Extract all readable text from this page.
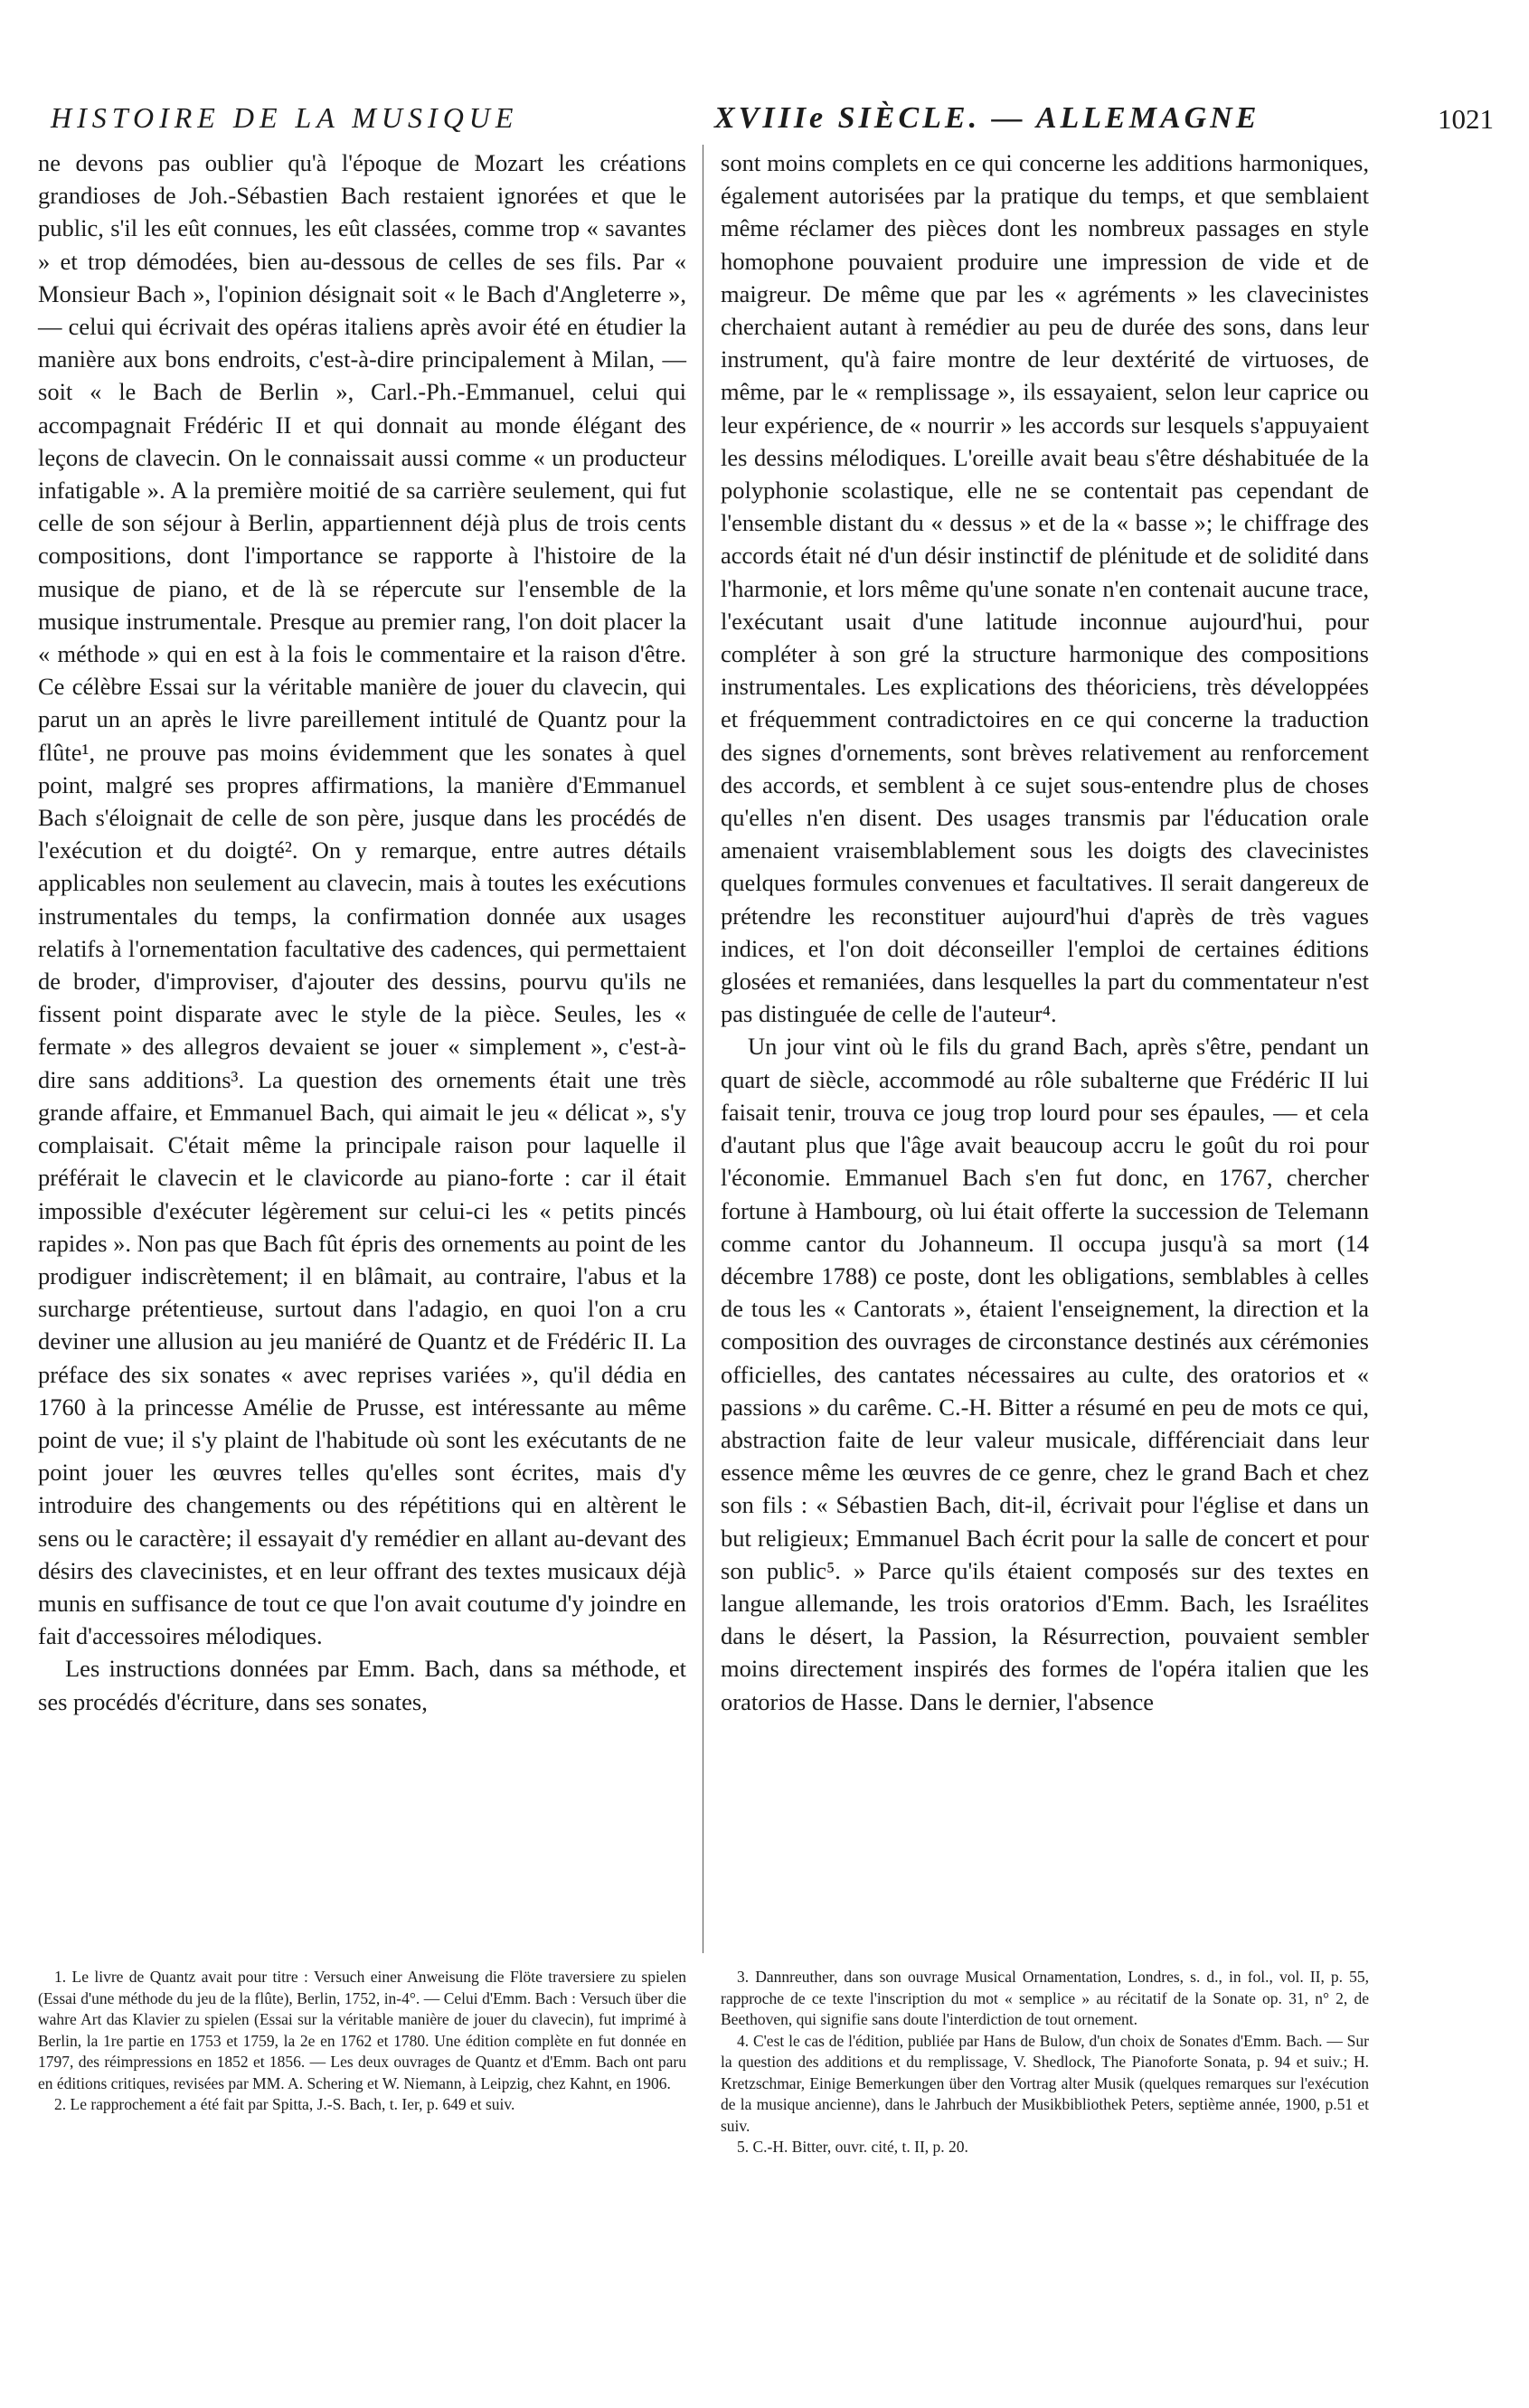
HISTOIRE DE LA MUSIQUE	XVIIIe SIÈCLE. — ALLEMAGNE	1021

ne devons pas oublier qu'à l'époque de Mozart les créations grandioses de Joh.-Sébastien Bach restaient ignorées et que le public, s'il les eût connues, les eût classées, comme trop « savantes » et trop démodées, bien au-dessous de celles de ses fils. Par « Monsieur Bach », l'opinion désignait soit « le Bach d'Angleterre », — celui qui écrivait des opéras italiens après avoir été en étudier la manière aux bons endroits, c'est-à-dire principalement à Milan, — soit « le Bach de Berlin », Carl.-Ph.-Emmanuel, celui qui accompagnait Frédéric II et qui donnait au monde élégant des leçons de clavecin. On le connaissait aussi comme « un producteur infatigable ». A la première moitié de sa carrière seulement, qui fut celle de son séjour à Berlin, appartiennent déjà plus de trois cents compositions, dont l'importance se rapporte à l'histoire de la musique de piano, et de là se répercute sur l'ensemble de la musique instrumentale. Presque au premier rang, l'on doit placer la « méthode » qui en est à la fois le commentaire et la raison d'être. Ce célèbre Essai sur la véritable manière de jouer du clavecin, qui parut un an après le livre pareillement intitulé de Quantz pour la flûte¹, ne prouve pas moins évidemment que les sonates à quel point, malgré ses propres affirmations, la manière d'Emmanuel Bach s'éloignait de celle de son père, jusque dans les procédés de l'exécution et du doigté². On y remarque, entre autres détails applicables non seulement au clavecin, mais à toutes les exécutions instrumentales du temps, la confirmation donnée aux usages relatifs à l'ornementation facultative des cadences, qui permettaient de broder, d'improviser, d'ajouter des dessins, pourvu qu'ils ne fissent point disparate avec le style de la pièce. Seules, les « fermate » des allegros devaient se jouer « simplement », c'est-à-dire sans additions³. La question des ornements était une très grande affaire, et Emmanuel Bach, qui aimait le jeu « délicat », s'y complaisait. C'était même la principale raison pour laquelle il préférait le clavecin et le clavicorde au piano-forte : car il était impossible d'exécuter légèrement sur celui-ci les « petits pincés rapides ». Non pas que Bach fût épris des ornements au point de les prodiguer indiscrètement; il en blâmait, au contraire, l'abus et la surcharge prétentieuse, surtout dans l'adagio, en quoi l'on a cru deviner une allusion au jeu maniéré de Quantz et de Frédéric II. La préface des six sonates « avec reprises variées », qu'il dédia en 1760 à la princesse Amélie de Prusse, est intéressante au même point de vue; il s'y plaint de l'habitude où sont les exécutants de ne point jouer les œuvres telles qu'elles sont écrites, mais d'y introduire des changements ou des répétitions qui en altèrent le sens ou le caractère; il essayait d'y remédier en allant au-devant des désirs des clavecinistes, et en leur offrant des textes musicaux déjà munis en suffisance de tout ce que l'on avait coutume d'y joindre en fait d'accessoires mélodiques.

Les instructions données par Emm. Bach, dans sa méthode, et ses procédés d'écriture, dans ses sonates,

sont moins complets en ce qui concerne les additions harmoniques, également autorisées par la pratique du temps, et que semblaient même réclamer des pièces dont les nombreux passages en style homophone pouvaient produire une impression de vide et de maigreur. De même que par les « agréments » les clavecinistes cherchaient autant à remédier au peu de durée des sons, dans leur instrument, qu'à faire montre de leur dextérité de virtuoses, de même, par le « remplissage », ils essayaient, selon leur caprice ou leur expérience, de « nourrir » les accords sur lesquels s'appuyaient les dessins mélodiques. L'oreille avait beau s'être déshabituée de la polyphonie scolastique, elle ne se contentait pas cependant de l'ensemble distant du « dessus » et de la « basse »; le chiffrage des accords était né d'un désir instinctif de plénitude et de solidité dans l'harmonie, et lors même qu'une sonate n'en contenait aucune trace, l'exécutant usait d'une latitude inconnue aujourd'hui, pour compléter à son gré la structure harmonique des compositions instrumentales. Les explications des théoriciens, très développées et fréquemment contradictoires en ce qui concerne la traduction des signes d'ornements, sont brèves relativement au renforcement des accords, et semblent à ce sujet sous-entendre plus de choses qu'elles n'en disent. Des usages transmis par l'éducation orale amenaient vraisemblablement sous les doigts des clavecinistes quelques formules convenues et facultatives. Il serait dangereux de prétendre les reconstituer aujourd'hui d'après de très vagues indices, et l'on doit déconseiller l'emploi de certaines éditions glosées et remaniées, dans lesquelles la part du commentateur n'est pas distinguée de celle de l'auteur⁴.

Un jour vint où le fils du grand Bach, après s'être, pendant un quart de siècle, accommodé au rôle subalterne que Frédéric II lui faisait tenir, trouva ce joug trop lourd pour ses épaules, — et cela d'autant plus que l'âge avait beaucoup accru le goût du roi pour l'économie. Emmanuel Bach s'en fut donc, en 1767, chercher fortune à Hambourg, où lui était offerte la succession de Telemann comme cantor du Johanneum. Il occupa jusqu'à sa mort (14 décembre 1788) ce poste, dont les obligations, semblables à celles de tous les « Cantorats », étaient l'enseignement, la direction et la composition des ouvrages de circonstance destinés aux cérémonies officielles, des cantates nécessaires au culte, des oratorios et « passions » du carême. C.-H. Bitter a résumé en peu de mots ce qui, abstraction faite de leur valeur musicale, différenciait dans leur essence même les œuvres de ce genre, chez le grand Bach et chez son fils : « Sébastien Bach, dit-il, écrivait pour l'église et dans un but religieux; Emmanuel Bach écrit pour la salle de concert et pour son public⁵. » Parce qu'ils étaient composés sur des textes en langue allemande, les trois oratorios d'Emm. Bach, les Israélites dans le désert, la Passion, la Résurrection, pouvaient sembler moins directement inspirés des formes de l'opéra italien que les oratorios de Hasse. Dans le dernier, l'absence

1. Le livre de Quantz avait pour titre : Versuch einer Anweisung die Flöte traversiere zu spielen (Essai d'une méthode du jeu de la flûte), Berlin, 1752, in-4°. — Celui d'Emm. Bach : Versuch über die wahre Art das Klavier zu spielen (Essai sur la véritable manière de jouer du clavecin), fut imprimé à Berlin, la 1re partie en 1753 et 1759, la 2e en 1762 et 1780. Une édition complète en fut donnée en 1797, des réimpressions en 1852 et 1856. — Les deux ouvrages de Quantz et d'Emm. Bach ont paru en éditions critiques, revisées par MM. A. Schering et W. Niemann, à Leipzig, chez Kahnt, en 1906.

2. Le rapprochement a été fait par Spitta, J.-S. Bach, t. Ier, p. 649 et suiv.

3. Dannreuther, dans son ouvrage Musical Ornamentation, Londres, s. d., in fol., vol. II, p. 55, rapproche de ce texte l'inscription du mot « semplice » au récitatif de la Sonate op. 31, n° 2, de Beethoven, qui signifie sans doute l'interdiction de tout ornement.

4. C'est le cas de l'édition, publiée par Hans de Bulow, d'un choix de Sonates d'Emm. Bach. — Sur la question des additions et du remplissage, V. Shedlock, The Pianoforte Sonata, p. 94 et suiv.; H. Kretzschmar, Einige Bemerkungen über den Vortrag alter Musik (quelques remarques sur l'exécution de la musique ancienne), dans le Jahrbuch der Musikbibliothek Peters, septième année, 1900, p.51 et suiv.

5. C.-H. Bitter, ouvr. cité, t. II, p. 20.
